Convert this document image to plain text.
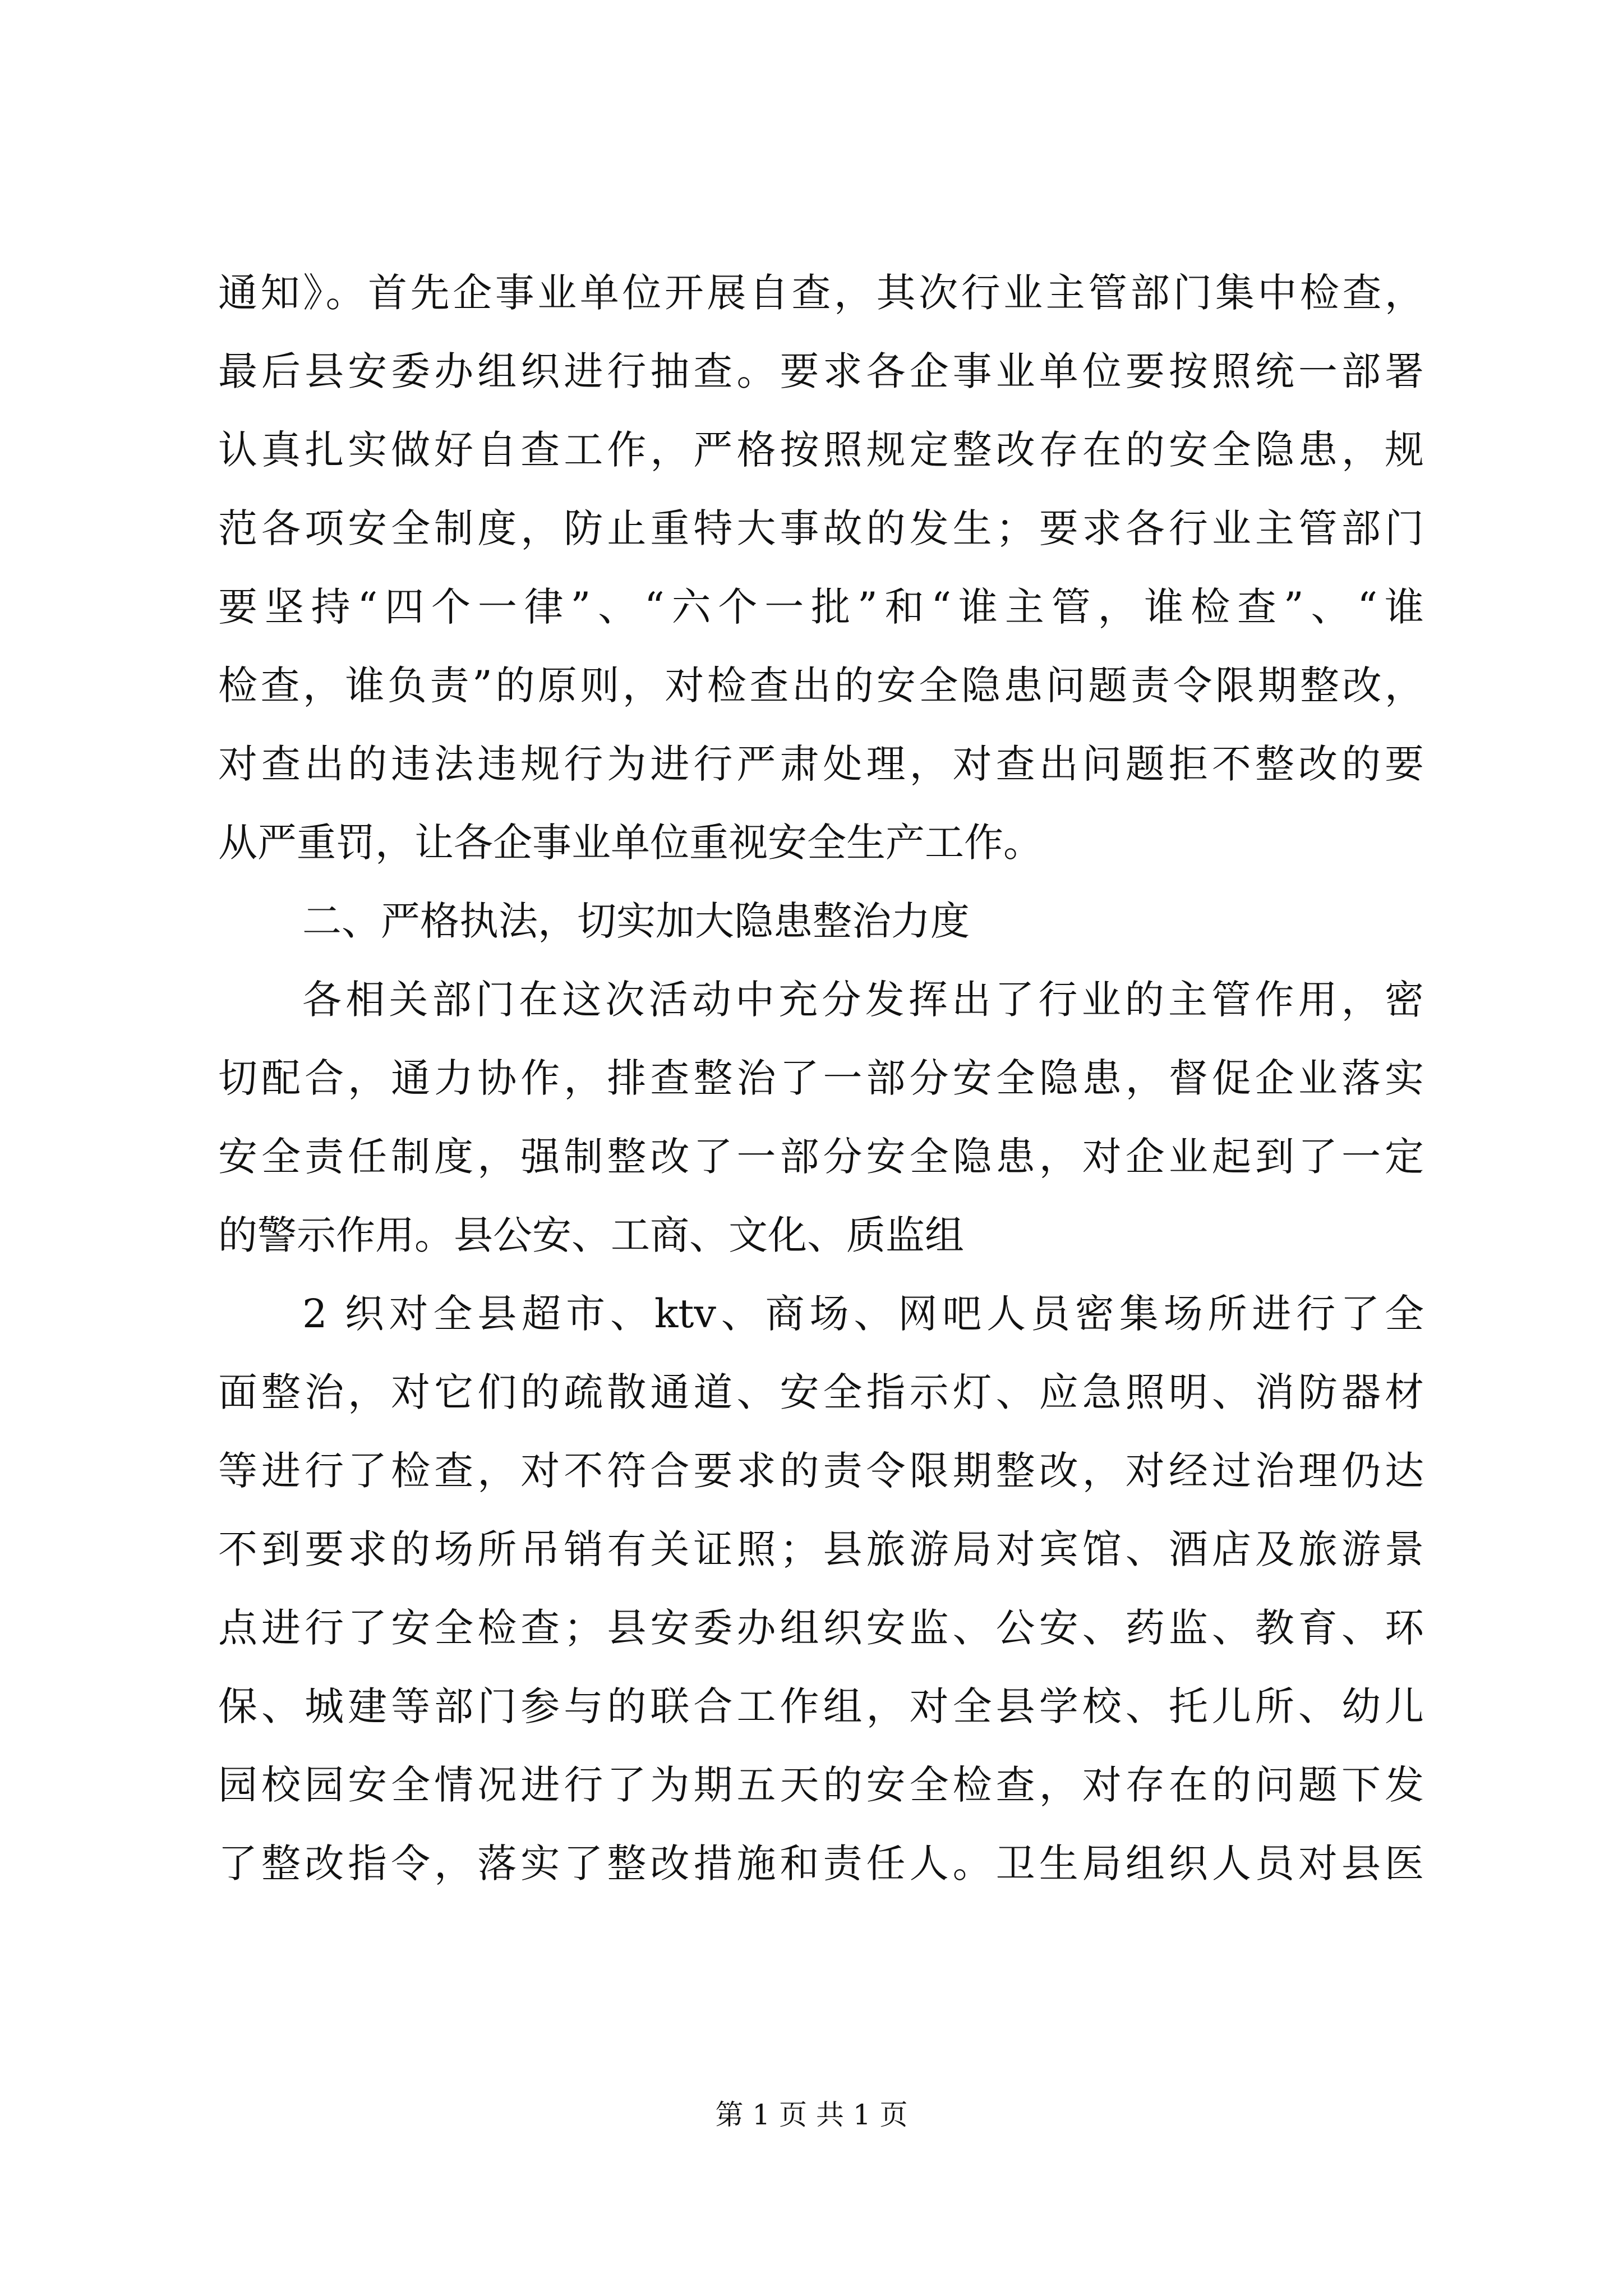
通知》。首先企事业单位开展自查，其次行业主管部门集中检查，
最后县安委办组织进行抽查。要求各企事业单位要按照统一部署
认真扎实做好自查工作，严格按照规定整改存在的安全隐患，规
范各项安全制度，防止重特大事故的发生；要求各行业主管部门
要坚持“四个一律”、“六个一批”和“谁主管，谁检查”、“谁
检查，谁负责”的原则，对检查出的安全隐患问题责令限期整改，
对查出的违法违规行为进行严肃处理，对查出问题拒不整改的要
从严重罚，让各企事业单位重视安全生产工作。
二、严格执法，切实加大隐患整治力度
各相关部门在这次活动中充分发挥出了行业的主管作用，密
切配合，通力协作，排查整治了一部分安全隐患，督促企业落实
安全责任制度，强制整改了一部分安全隐患，对企业起到了一定
的警示作用。县公安、工商、文化、质监组
2 织对全县超市、ktv、商场、网吧人员密集场所进行了全
面整治，对它们的疏散通道、安全指示灯、应急照明、消防器材
等进行了检查，对不符合要求的责令限期整改，对经过治理仍达
不到要求的场所吊销有关证照；县旅游局对宾馆、酒店及旅游景
点进行了安全检查；县安委办组织安监、公安、药监、教育、环
保、城建等部门参与的联合工作组，对全县学校、托儿所、幼儿
园校园安全情况进行了为期五天的安全检查，对存在的问题下发
了整改指令，落实了整改措施和责任人。卫生局组织人员对县医
第 1 页 共 1 页
